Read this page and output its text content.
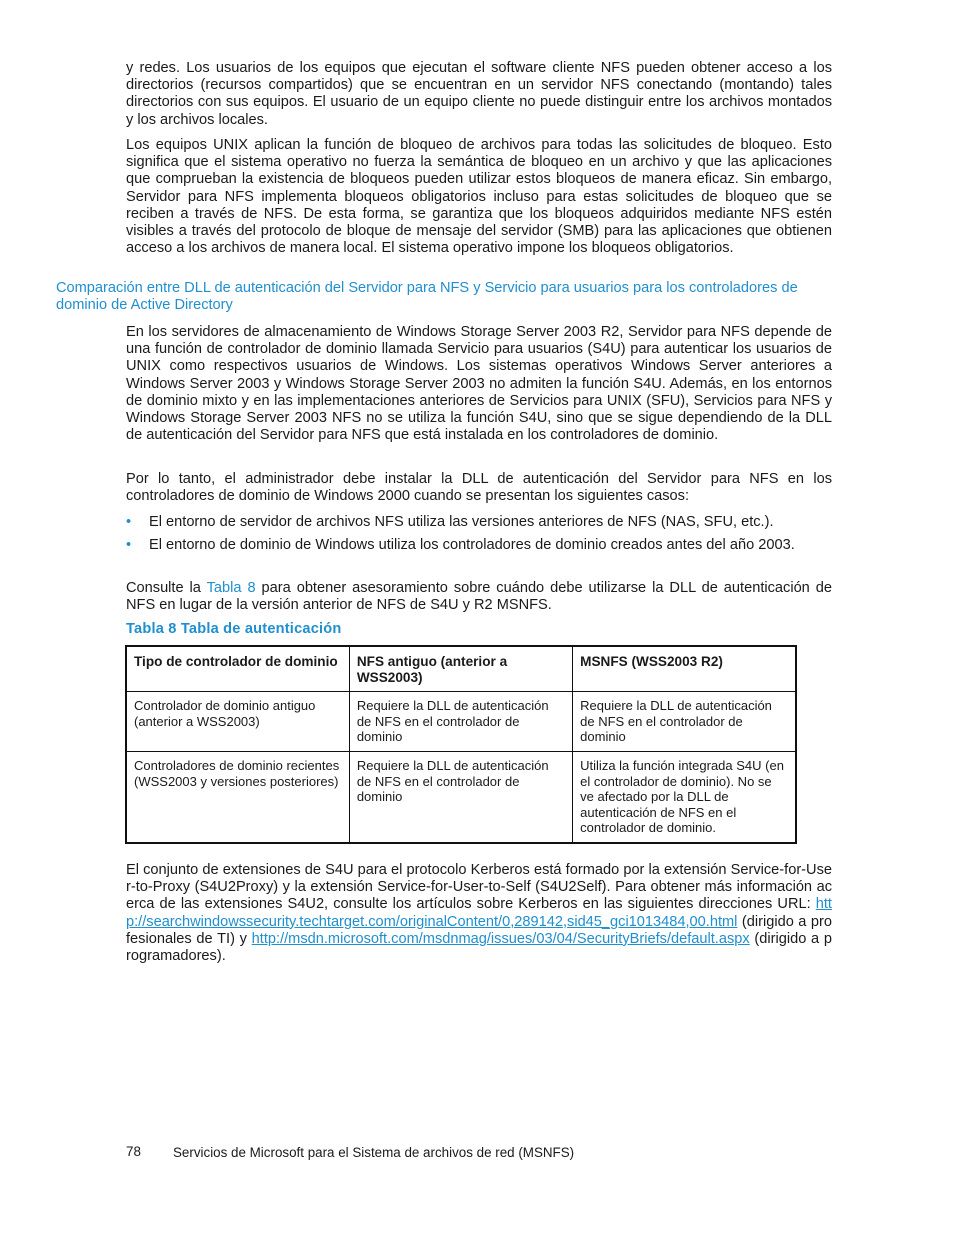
y redes. Los usuarios de los equipos que ejecutan el software cliente NFS pueden obtener acceso a los directorios (recursos compartidos) que se encuentran en un servidor NFS conectando (montando) tales directorios con sus equipos. El usuario de un equipo cliente no puede distinguir entre los archivos montados y los archivos locales.

Los equipos UNIX aplican la función de bloqueo de archivos para todas las solicitudes de bloqueo. Esto significa que el sistema operativo no fuerza la semántica de bloqueo en un archivo y que las aplicaciones que comprueban la existencia de bloqueos pueden utilizar estos bloqueos de manera eficaz. Sin embargo, Servidor para NFS implementa bloqueos obligatorios incluso para estas solicitudes de bloqueo que se reciben a través de NFS. De esta forma, se garantiza que los bloqueos adquiridos mediante NFS estén visibles a través del protocolo de bloque de mensaje del servidor (SMB) para las aplicaciones que obtienen acceso a los archivos de manera local. El sistema operativo impone los bloqueos obligatorios.

Comparación entre DLL de autenticación del Servidor para NFS y Servicio para usuarios para los controladores de dominio de Active Directory

En los servidores de almacenamiento de Windows Storage Server 2003 R2, Servidor para NFS depende de una función de controlador de dominio llamada Servicio para usuarios (S4U) para autenticar los usuarios de UNIX como respectivos usuarios de Windows. Los sistemas operativos Windows Server anteriores a Windows Server 2003 y Windows Storage Server 2003 no admiten la función S4U. Además, en los entornos de dominio mixto y en las implementaciones anteriores de Servicios para UNIX (SFU), Servicios para NFS y Windows Storage Server 2003 NFS no se utiliza la función S4U, sino que se sigue dependiendo de la DLL de autenticación del Servidor para NFS que está instalada en los controladores de dominio.

Por lo tanto, el administrador debe instalar la DLL de autenticación del Servidor para NFS en los controladores de dominio de Windows 2000 cuando se presentan los siguientes casos:

• El entorno de servidor de archivos NFS utiliza las versiones anteriores de NFS (NAS, SFU, etc.).
• El entorno de dominio de Windows utiliza los controladores de dominio creados antes del año 2003.

Consulte la Tabla 8 para obtener asesoramiento sobre cuándo debe utilizarse la DLL de autenticación de NFS en lugar de la versión anterior de NFS de S4U y R2 MSNFS.

Tabla 8 Tabla de autenticación

Tipo de controlador de dominio	NFS antiguo (anterior a WSS2003)	MSNFS (WSS2003 R2)
Controlador de dominio antiguo (anterior a WSS2003)	Requiere la DLL de autenticación de NFS en el controlador de dominio	Requiere la DLL de autenticación de NFS en el controlador de dominio
Controladores de dominio recientes (WSS2003 y versiones posteriores)	Requiere la DLL de autenticación de NFS en el controlador de dominio	Utiliza la función integrada S4U (en el controlador de dominio). No se ve afectado por la DLL de autenticación de NFS en el controlador de dominio.

El conjunto de extensiones de S4U para el protocolo Kerberos está formado por la extensión Service-for-User-to-Proxy (S4U2Proxy) y la extensión Service-for-User-to-Self (S4U2Self). Para obtener más información acerca de las extensiones S4U2, consulte los artículos sobre Kerberos en las siguientes direcciones URL: http://searchwindowssecurity.techtarget.com/originalContent/0,289142,sid45_gci1013484,00.html (dirigido a profesionales de TI) y http://msdn.microsoft.com/msdnmag/issues/03/04/SecurityBriefs/default.aspx (dirigido a programadores).

78 Servicios de Microsoft para el Sistema de archivos de red (MSNFS)
